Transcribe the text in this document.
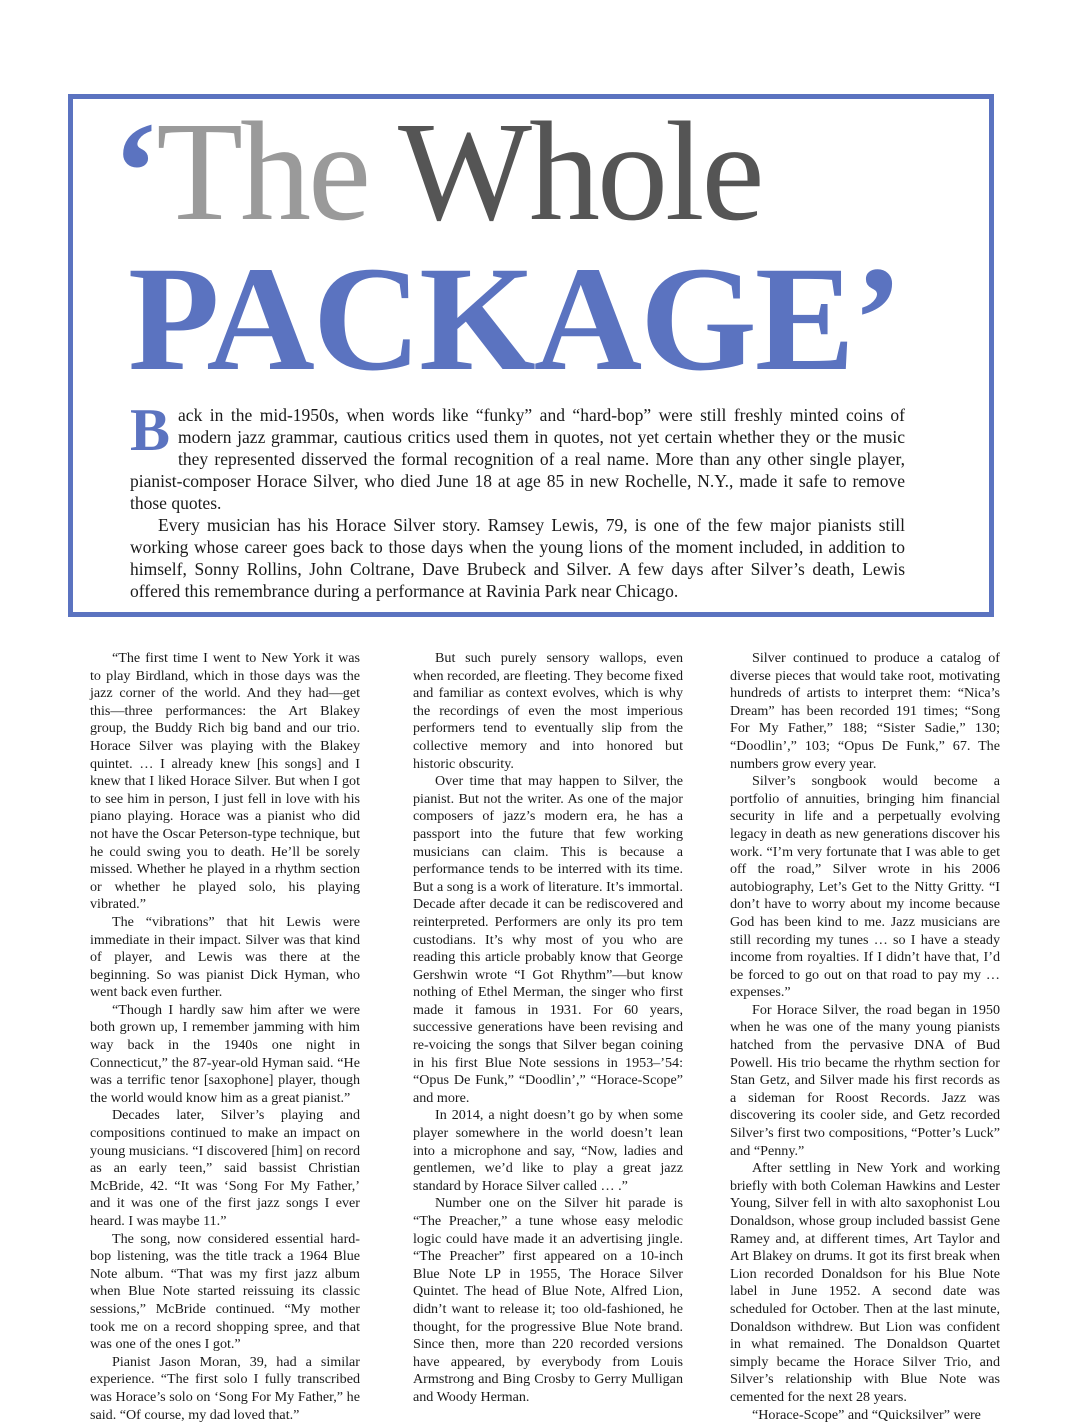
‘The Whole
PACKAGE’

Back in the mid-1950s, when words like “funky” and “hard-bop” were still freshly minted coins of modern jazz grammar, cautious critics used them in quotes, not yet certain whether they or the music they represented disserved the formal recognition of a real name. More than any other single player, pianist-composer Horace Silver, who died June 18 at age 85 in new Rochelle, N.Y., made it safe to remove those quotes.

Every musician has his Horace Silver story. Ramsey Lewis, 79, is one of the few major pianists still working whose career goes back to those days when the young lions of the moment included, in addition to himself, Sonny Rollins, John Coltrane, Dave Brubeck and Silver. A few days after Silver’s death, Lewis offered this remembrance during a performance at Ravinia Park near Chicago.

“The first time I went to New York it was to play Birdland, which in those days was the jazz corner of the world. And they had—get this—three performances: the Art Blakey group, the Buddy Rich big band and our trio. Horace Silver was playing with the Blakey quintet. … I already knew [his songs] and I knew that I liked Horace Silver. But when I got to see him in person, I just fell in love with his piano playing. Horace was a pianist who did not have the Oscar Peterson-type technique, but he could swing you to death. He’ll be sorely missed. Whether he played in a rhythm section or whether he played solo, his playing vibrated.”

The “vibrations” that hit Lewis were immediate in their impact. Silver was that kind of player, and Lewis was there at the beginning. So was pianist Dick Hyman, who went back even further.

“Though I hardly saw him after we were both grown up, I remember jamming with him way back in the 1940s one night in Connecticut,” the 87-year-old Hyman said. “He was a terrific tenor [saxophone] player, though the world would know him as a great pianist.”

Decades later, Silver’s playing and compositions continued to make an impact on young musicians. “I discovered [him] on record as an early teen,” said bassist Christian McBride, 42. “It was ‘Song For My Father,’ and it was one of the first jazz songs I ever heard. I was maybe 11.”

The song, now considered essential hard-bop listening, was the title track a 1964 Blue Note album. “That was my first jazz album when Blue Note started reissuing its classic sessions,” McBride continued. “My mother took me on a record shopping spree, and that was one of the ones I got.”

Pianist Jason Moran, 39, had a similar experience. “The first solo I fully transcribed was Horace’s solo on ‘Song For My Father,” he said. “Of course, my dad loved that.”

But such purely sensory wallops, even when recorded, are fleeting. They become fixed and familiar as context evolves, which is why the recordings of even the most imperious performers tend to eventually slip from the collective memory and into honored but historic obscurity.

Over time that may happen to Silver, the pianist. But not the writer. As one of the major composers of jazz’s modern era, he has a passport into the future that few working musicians can claim. This is because a performance tends to be interred with its time. But a song is a work of literature. It’s immortal. Decade after decade it can be rediscovered and reinterpreted. Performers are only its pro tem custodians. It’s why most of you who are reading this article probably know that George Gershwin wrote “I Got Rhythm”—but know nothing of Ethel Merman, the singer who first made it famous in 1931. For 60 years, successive generations have been revising and re-voicing the songs that Silver began coining in his first Blue Note sessions in 1953–’54: “Opus De Funk,” “Doodlin’,” “Horace-Scope” and more.

In 2014, a night doesn’t go by when some player somewhere in the world doesn’t lean into a microphone and say, “Now, ladies and gentlemen, we’d like to play a great jazz standard by Horace Silver called … .”

Number one on the Silver hit parade is “The Preacher,” a tune whose easy melodic logic could have made it an advertising jingle. “The Preacher” first appeared on a 10-inch Blue Note LP in 1955, The Horace Silver Quintet. The head of Blue Note, Alfred Lion, didn’t want to release it; too old-fashioned, he thought, for the progressive Blue Note brand. Since then, more than 220 recorded versions have appeared, by everybody from Louis Armstrong and Bing Crosby to Gerry Mulligan and Woody Herman.

Silver continued to produce a catalog of diverse pieces that would take root, motivating hundreds of artists to interpret them: “Nica’s Dream” has been recorded 191 times; “Song For My Father,” 188; “Sister Sadie,” 130; “Doodlin’,” 103; “Opus De Funk,” 67. The numbers grow every year.

Silver’s songbook would become a portfolio of annuities, bringing him financial security in life and a perpetually evolving legacy in death as new generations discover his work. “I’m very fortunate that I was able to get off the road,” Silver wrote in his 2006 autobiography, Let’s Get to the Nitty Gritty. “I don’t have to worry about my income because God has been kind to me. Jazz musicians are still recording my tunes … so I have a steady income from royalties. If I didn’t have that, I’d be forced to go out on that road to pay my … expenses.”

For Horace Silver, the road began in 1950 when he was one of the many young pianists hatched from the pervasive DNA of Bud Powell. His trio became the rhythm section for Stan Getz, and Silver made his first records as a sideman for Roost Records. Jazz was discovering its cooler side, and Getz recorded Silver’s first two compositions, “Potter’s Luck” and “Penny.”

After settling in New York and working briefly with both Coleman Hawkins and Lester Young, Silver fell in with alto saxophonist Lou Donaldson, whose group included bassist Gene Ramey and, at different times, Art Taylor and Art Blakey on drums. It got its first break when Lion recorded Donaldson for his Blue Note label in June 1952. A second date was scheduled for October. Then at the last minute, Donaldson withdrew. But Lion was confident in what remained. The Donaldson Quartet simply became the Horace Silver Trio, and Silver’s relationship with Blue Note was cemented for the next 28 years.

“Horace-Scope” and “Quicksilver” were
